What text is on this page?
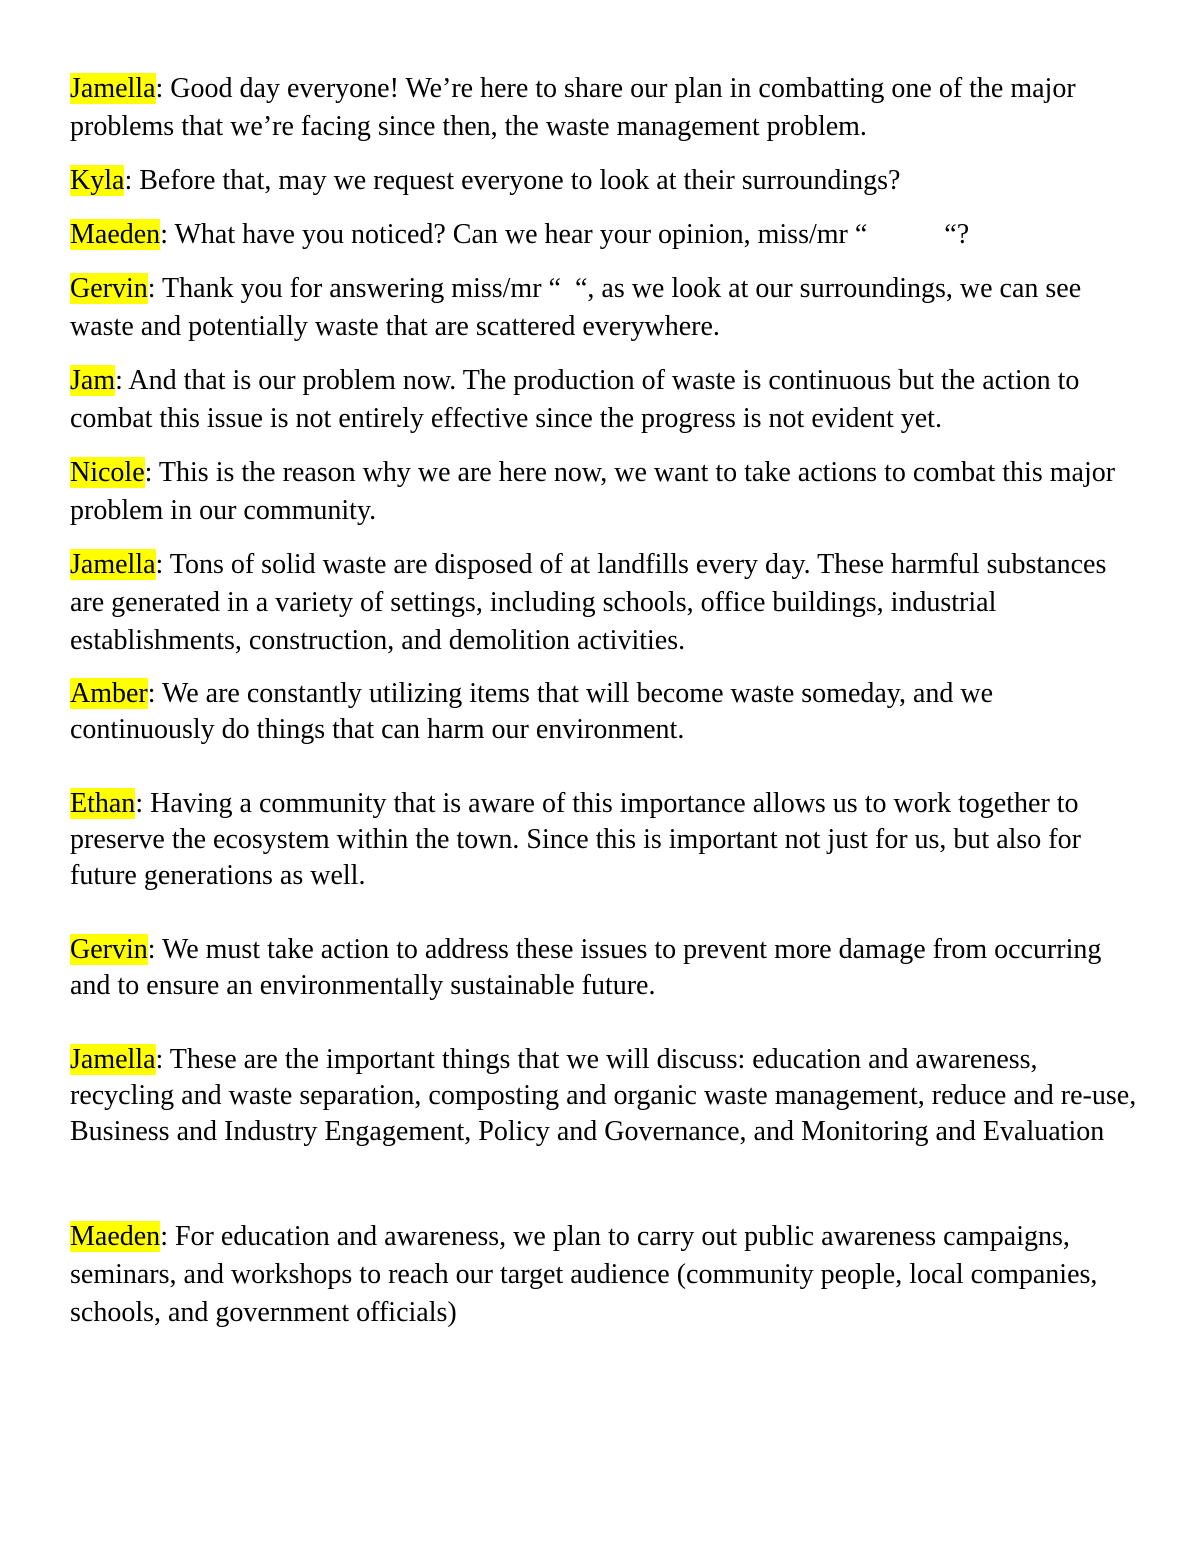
Jamella: Good day everyone! We’re here to share our plan in combatting one of the major problems that we’re facing since then, the waste management problem.

Kyla: Before that, may we request everyone to look at their surroundings?

Maeden: What have you noticed? Can we hear your opinion, miss/mr “           “?

Gervin: Thank you for answering miss/mr “  “, as we look at our surroundings, we can see waste and potentially waste that are scattered everywhere.

Jam: And that is our problem now. The production of waste is continuous but the action to combat this issue is not entirely effective since the progress is not evident yet.

Nicole: This is the reason why we are here now, we want to take actions to combat this major problem in our community.

Jamella: Tons of solid waste are disposed of at landfills every day. These harmful substances are generated in a variety of settings, including schools, office buildings, industrial establishments, construction, and demolition activities.

Amber: We are constantly utilizing items that will become waste someday, and we continuously do things that can harm our environment.

Ethan: Having a community that is aware of this importance allows us to work together to preserve the ecosystem within the town. Since this is important not just for us, but also for future generations as well.

Gervin: We must take action to address these issues to prevent more damage from occurring and to ensure an environmentally sustainable future.

Jamella: These are the important things that we will discuss: education and awareness, recycling and waste separation, composting and organic waste management, reduce and re-use, Business and Industry Engagement, Policy and Governance, and Monitoring and Evaluation

Maeden: For education and awareness, we plan to carry out public awareness campaigns, seminars, and workshops to reach our target audience (community people, local companies, schools, and government officials)
